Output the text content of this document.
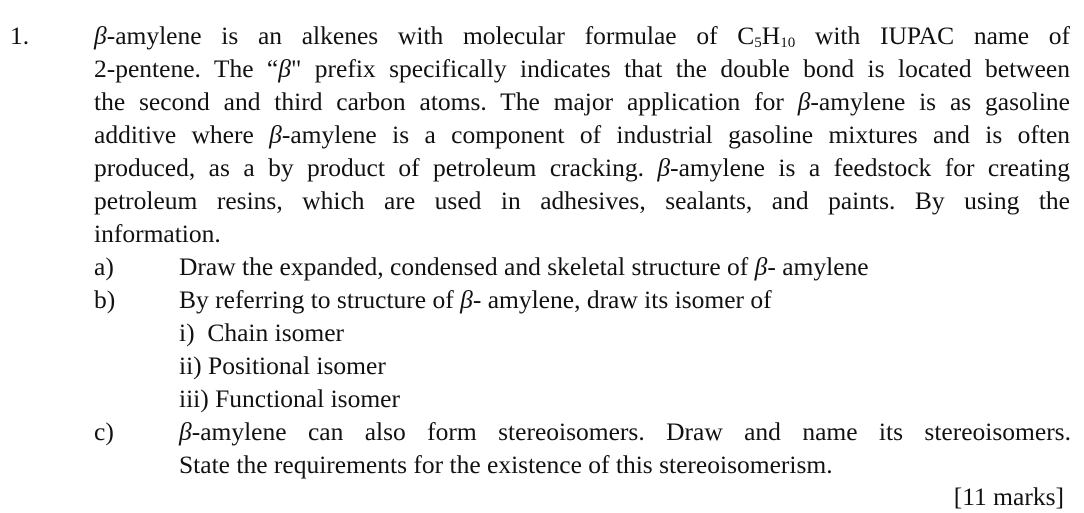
1.	β-amylene is an alkenes with molecular formulae of $C_5H_{10}$ with IUPAC name of
2-pentene. The “β" prefix specifically indicates that the double bond is located between
the second and third carbon atoms. The major application for β-amylene is as gasoline
additive where β-amylene is a component of industrial gasoline mixtures and is often
produced, as a by product of petroleum cracking. β-amylene is a feedstock for creating
petroleum resins, which are used in adhesives, sealants, and paints. By using the
information.
a)	Draw the expanded, condensed and skeletal structure of β- amylene
b)	By referring to structure of β- amylene, draw its isomer of
i)  Chain isomer
ii) Positional isomer
iii) Functional isomer
c)	β-amylene can also form stereoisomers. Draw and name its stereoisomers.
State the requirements for the existence of this stereoisomerism.
[11 marks]
